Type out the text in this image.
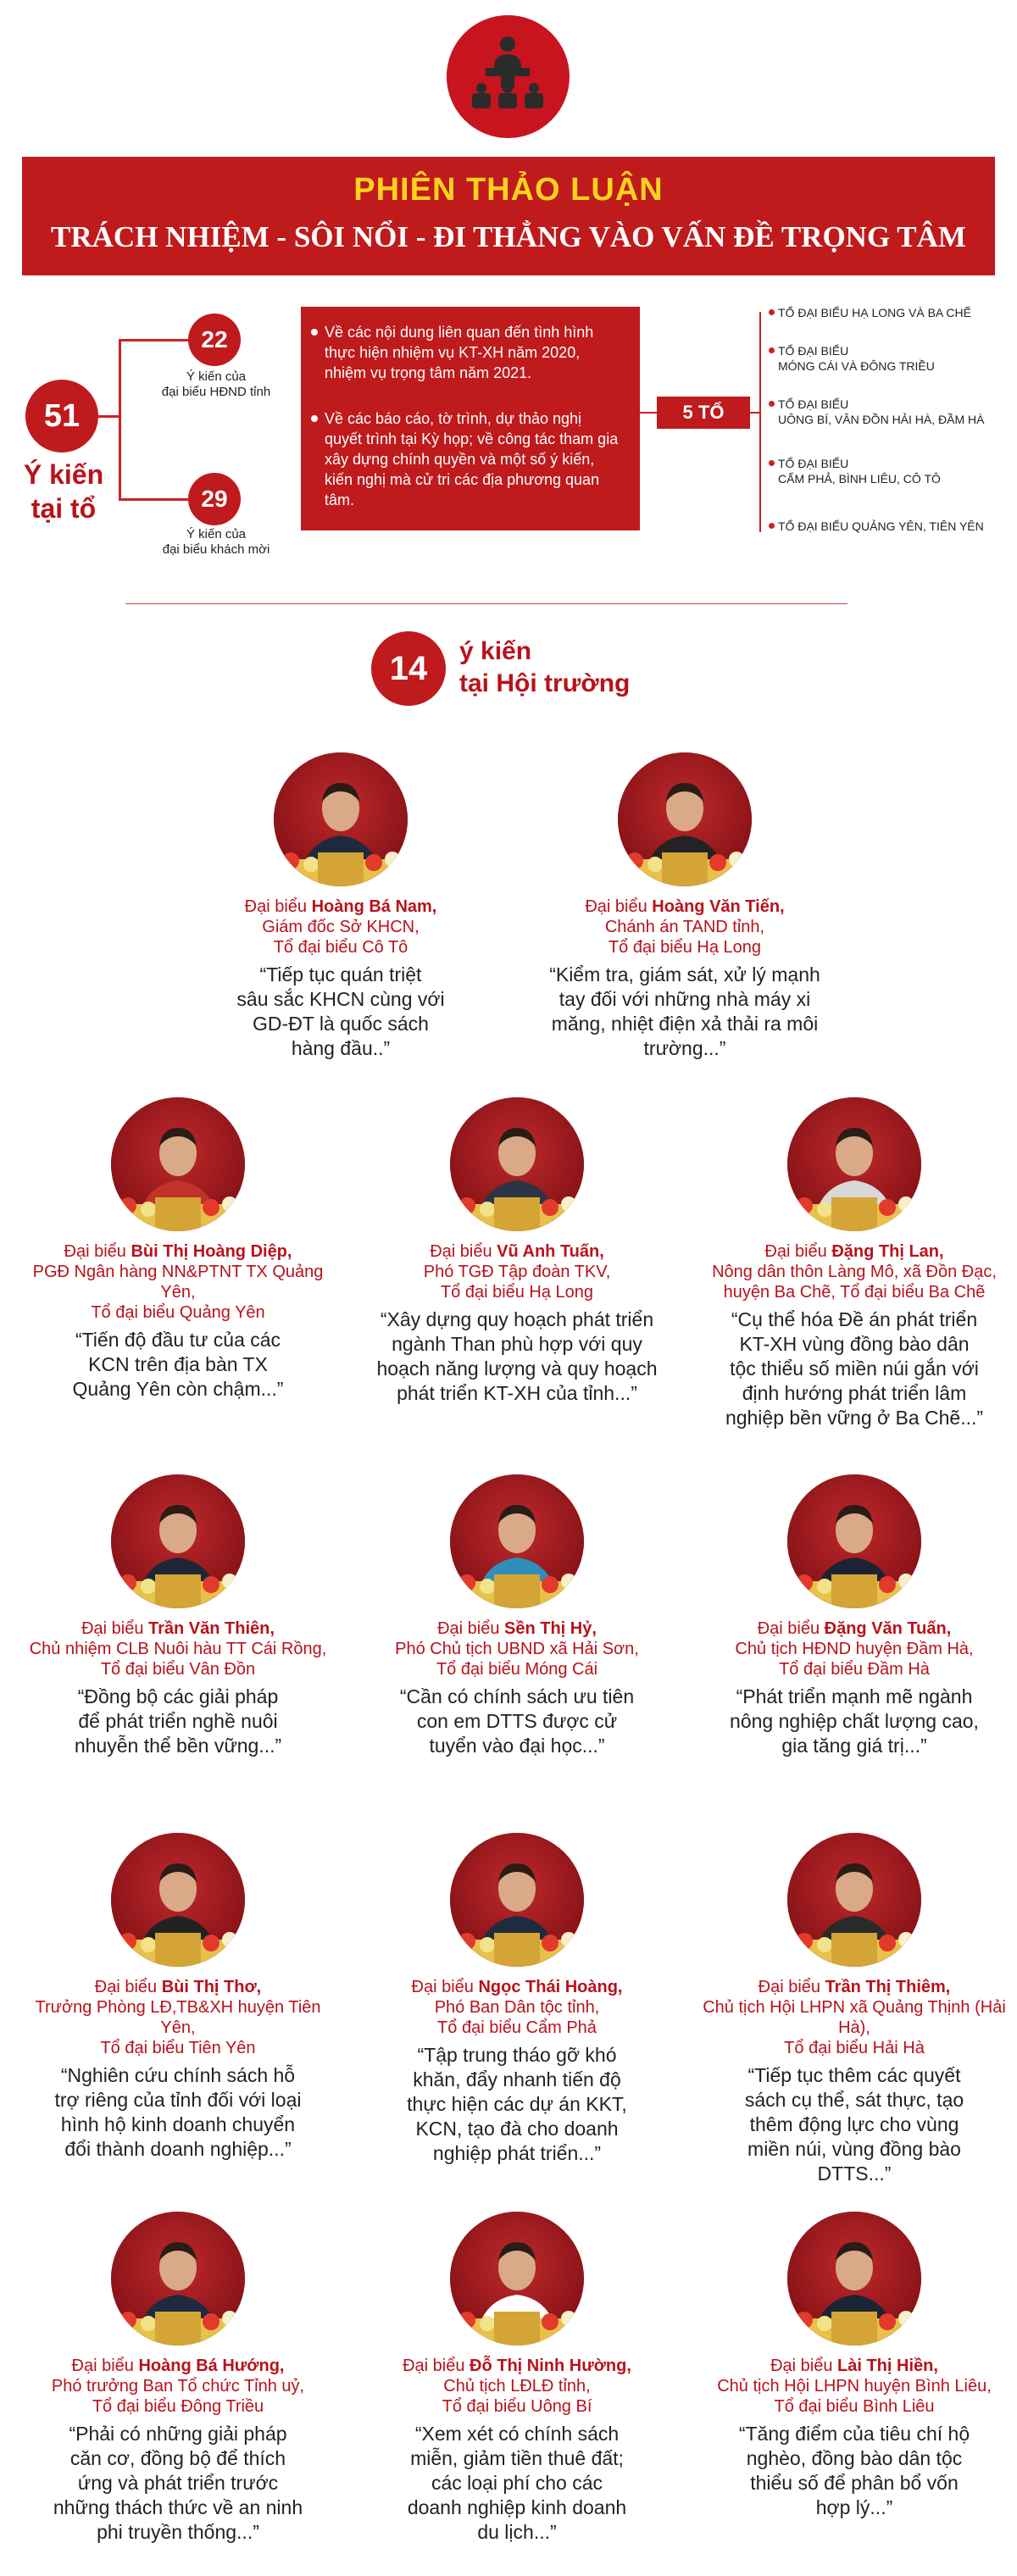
PHIÊN THẢO LUẬN
TRÁCH NHIỆM - SÔI NỔI - ĐI THẲNG VÀO VẤN ĐỀ TRỌNG TÂM
51
Ý kiến
tại tổ
22
Ý kiến của
đại biểu HĐND tỉnh
29
Ý kiến của
đại biểu khách mời
Về các nội dung liên quan đến tình hình thực hiện nhiệm vụ KT-XH năm 2020, nhiệm vụ trọng tâm năm 2021.
Về các báo cáo, tờ trình, dự thảo nghị quyết trình tại Kỳ họp; về công tác tham gia xây dựng chính quyền và một số ý kiến, kiến nghị mà cử tri các địa phương quan tâm.
5 TỔ
TỔ ĐẠI BIỂU HẠ LONG VÀ BA CHẼ
TỔ ĐẠI BIỂU
MÓNG CÁI VÀ ĐÔNG TRIỀU
TỔ ĐẠI BIỂU
UÔNG BÍ, VÂN ĐỒN HẢI HÀ, ĐẦM HÀ
TỔ ĐẠI BIỂU
CẨM PHẢ, BÌNH LIÊU, CÔ TÔ
TỔ ĐẠI BIỂU QUẢNG YÊN, TIÊN YÊN
14	ý kiến
tại Hội trường
Đại biểu Hoàng Bá Nam,
Giám đốc Sở KHCN,
Tổ đại biểu Cô Tô
“Tiếp tục quán triệt
sâu sắc KHCN cùng với
GD-ĐT là quốc sách
hàng đầu..”
Đại biểu Hoàng Văn Tiến,
Chánh án TAND tỉnh,
Tổ đại biểu Hạ Long
“Kiểm tra, giám sát, xử lý mạnh
tay đối với những nhà máy xi
măng, nhiệt điện xả thải ra môi
trường...”
Đại biểu Bùi Thị Hoàng Diệp,
PGĐ Ngân hàng NN&PTNT TX Quảng Yên,
Tổ đại biểu Quảng Yên
“Tiến độ đầu tư của các
KCN trên địa bàn TX
Quảng Yên còn chậm...”
Đại biểu Vũ Anh Tuấn,
Phó TGĐ Tập đoàn TKV,
Tổ đại biểu Hạ Long
“Xây dựng quy hoạch phát triển
ngành Than phù hợp với quy
hoạch năng lượng và quy hoạch
phát triển KT-XH của tỉnh...”
Đại biểu Đặng Thị Lan,
Nông dân thôn Làng Mô, xã Đồn Đạc,
huyện Ba Chẽ, Tổ đại biểu Ba Chẽ
“Cụ thể hóa Đề án phát triển
KT-XH vùng đồng bào dân
tộc thiểu số miền núi gắn với
định hướng phát triển lâm
nghiệp bền vững ở Ba Chẽ...”
Đại biểu Trần Văn Thiên,
Chủ nhiệm CLB Nuôi hàu TT Cái Rồng,
Tổ đại biểu Vân Đồn
“Đồng bộ các giải pháp
để phát triển nghề nuôi
nhuyễn thể bền vững...”
Đại biểu Sền Thị Hỷ,
Phó Chủ tịch UBND xã Hải Sơn,
Tổ đại biểu Móng Cái
“Cần có chính sách ưu tiên
con em DTTS được cử
tuyển vào đại học...”
Đại biểu Đặng Văn Tuấn,
Chủ tịch HĐND huyện Đầm Hà,
Tổ đại biểu Đầm Hà
“Phát triển mạnh mẽ ngành
nông nghiệp chất lượng cao,
gia tăng giá trị...”
Đại biểu Bùi Thị Thơ,
Trưởng Phòng LĐ,TB&XH huyện Tiên Yên,
Tổ đại biểu Tiên Yên
“Nghiên cứu chính sách hỗ
trợ riêng của tỉnh đối với loại
hình hộ kinh doanh chuyển
đổi thành doanh nghiệp...”
Đại biểu Ngọc Thái Hoàng,
Phó Ban Dân tộc tỉnh,
Tổ đại biểu Cẩm Phả
“Tập trung tháo gỡ khó
khăn, đẩy nhanh tiến độ
thực hiện các dự án KKT,
KCN, tạo đà cho doanh
nghiệp phát triển...”
Đại biểu Trần Thị Thiêm,
Chủ tịch Hội LHPN xã Quảng Thịnh (Hải Hà),
Tổ đại biểu Hải Hà
“Tiếp tục thêm các quyết
sách cụ thể, sát thực, tạo
thêm động lực cho vùng
miền núi, vùng đồng bào
DTTS...”
Đại biểu Hoàng Bá Hướng,
Phó trưởng Ban Tổ chức Tỉnh uỷ,
Tổ đại biểu Đông Triều
“Phải có những giải pháp
căn cơ, đồng bộ để thích
ứng và phát triển trước
những thách thức về an ninh
phi truyền thống...”
Đại biểu Đỗ Thị Ninh Hường,
Chủ tịch LĐLĐ tỉnh,
Tổ đại biểu Uông Bí
“Xem xét có chính sách
miễn, giảm tiền thuê đất;
các loại phí cho các
doanh nghiệp kinh doanh
du lịch...”
Đại biểu Lài Thị Hiền,
Chủ tịch Hội LHPN huyện Bình Liêu,
Tổ đại biểu Bình Liêu
“Tăng điểm của tiêu chí hộ
nghèo, đồng bào dân tộc
thiểu số để phân bổ vốn
hợp lý...”
